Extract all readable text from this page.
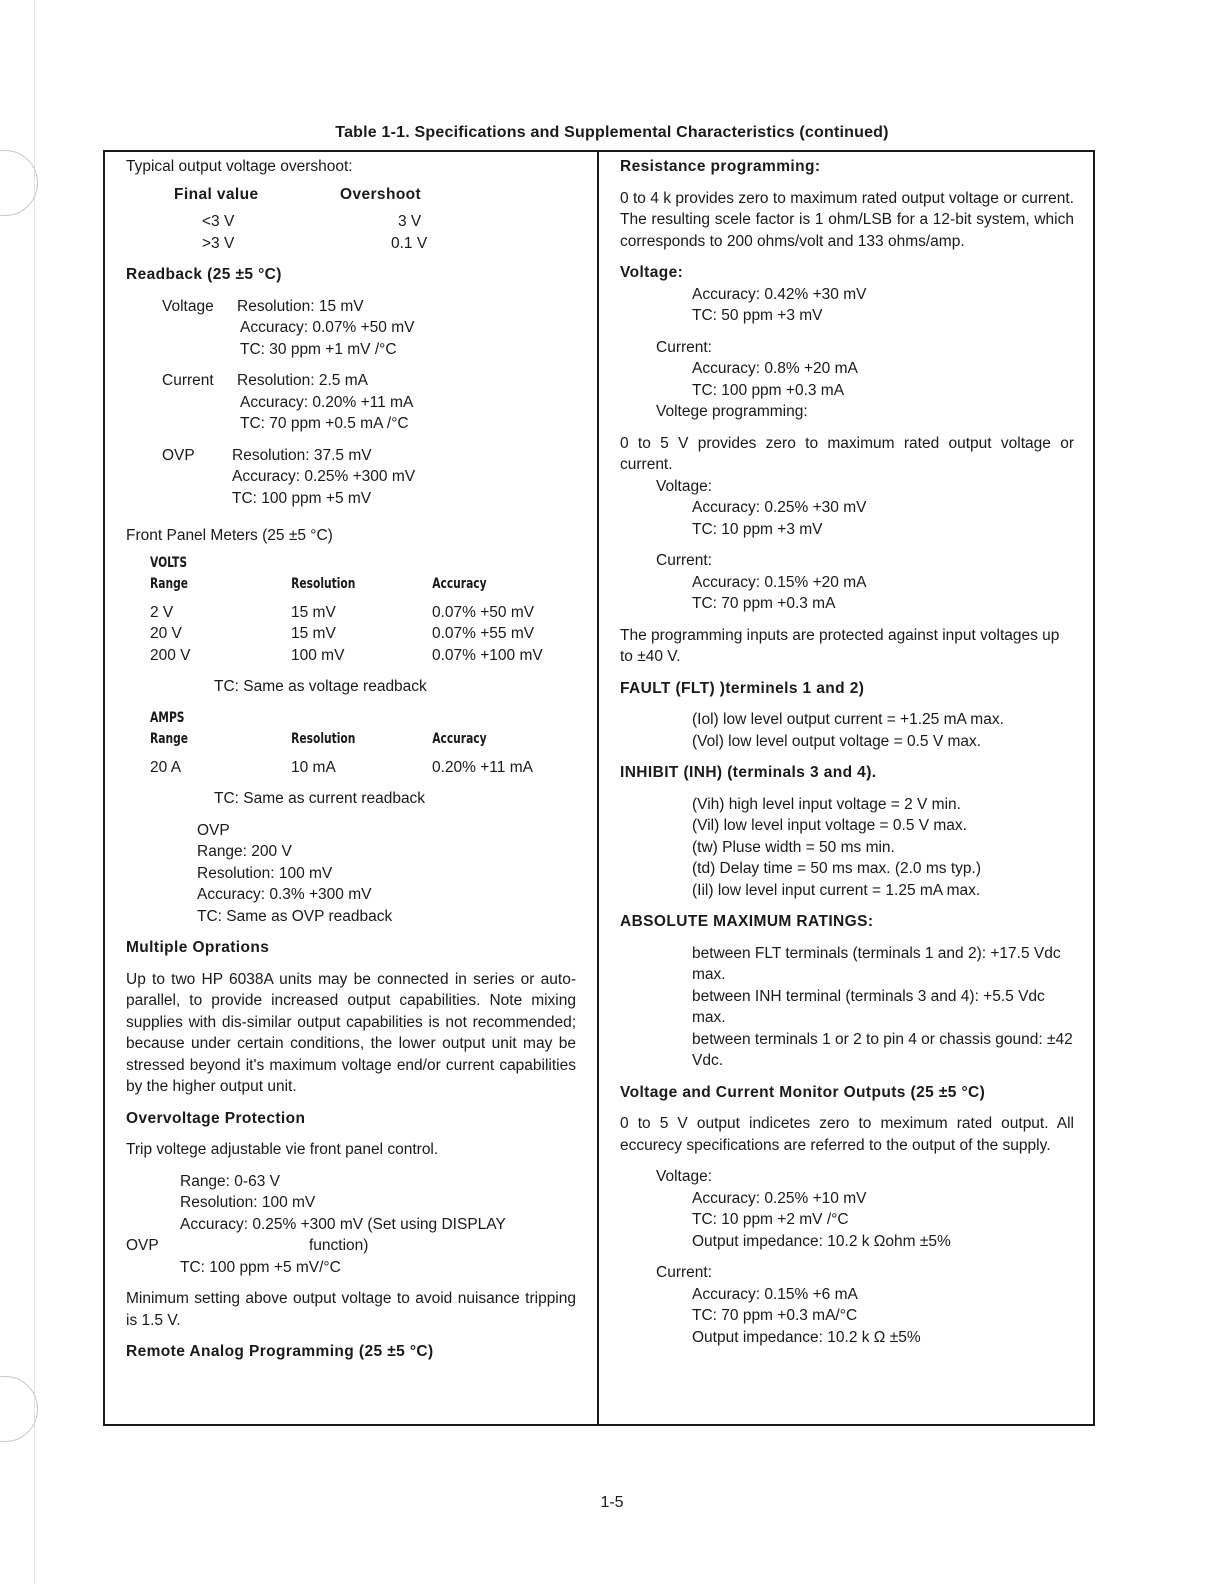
Table 1-1. Specifications and Supplemental Characteristics (continued)
Typical output voltage overshoot:
Final value	Overshoot
<3 V	3 V
>3 V	0.1 V
Readback (25 ±5 °C)
Voltage	Resolution: 15 mV
Accuracy: 0.07% +50 mV
TC: 30 ppm +1 mV /°C
Current	Resolution: 2.5 mA
Accuracy: 0.20% +11 mA
TC: 70 ppm +0.5 mA /°C
OVP	Resolution: 37.5 mV
Accuracy: 0.25% +300 mV
TC: 100 ppm +5 mV
Front Panel Meters (25 ±5 °C)
VOLTS
Range	Resolution	Accuracy
2 V	15 mV	0.07% +50 mV
20 V	15 mV	0.07% +55 mV
200 V	100 mV	0.07% +100 mV
TC: Same as voltage readback
AMPS
Range	Resolution	Accuracy
20 A	10 mA	0.20% +11 mA
TC: Same as current readback
OVP
Range: 200 V
Resolution: 100 mV
Accuracy: 0.3% +300 mV
TC: Same as OVP readback
Multiple Oprations
Up to two HP 6038A units may be connected in series or auto-parallel, to provide increased output capabilities. Note mixing supplies with dis-similar output capabilities is not recommended; because under certain conditions, the lower output unit may be stressed beyond it's maximum voltage end/or current capabilities by the higher output unit.
Overvoltage Protection
Trip voltege adjustable vie front panel control.
Range: 0-63 V
Resolution: 100 mV
Accuracy: 0.25% +300 mV (Set using DISPLAY
OVP	function)
TC: 100 ppm +5 mV/°C
Minimum setting above output voltage to avoid nuisance tripping is 1.5 V.
Remote Analog Programming (25 ±5 °C)
Resistance programming:
0 to 4 k provides zero to maximum rated output voltage or current. The resulting scele factor is 1 ohm/LSB for a 12-bit system, which corresponds to 200 ohms/volt and 133 ohms/amp.
Voltage:
Accuracy: 0.42% +30 mV
TC: 50 ppm +3 mV
Current:
Accuracy: 0.8% +20 mA
TC: 100 ppm +0.3 mA
Voltege programming:
0 to 5 V provides zero to maximum rated output voltage or current.
Voltage:
Accuracy: 0.25% +30 mV
TC: 10 ppm +3 mV
Current:
Accuracy: 0.15% +20 mA
TC: 70 ppm +0.3 mA
The programming inputs are protected against input voltages up to ±40 V.
FAULT (FLT) )terminels 1 and 2)
(Iol) low level output current = +1.25 mA max.
(Vol) low level output voltage = 0.5 V max.
INHIBIT (INH) (terminals 3 and 4).
(Vih) high level input voltage = 2 V min.
(Vil) low level input voltage = 0.5 V max.
(tw) Pluse width = 50 ms min.
(td) Delay time = 50 ms max. (2.0 ms typ.)
(Iil) low level input current = 1.25 mA max.
ABSOLUTE MAXIMUM RATINGS:
between FLT terminals (terminals 1 and 2): +17.5 Vdc max.
between INH terminal (terminals 3 and 4): +5.5 Vdc max.
between terminals 1 or 2 to pin 4 or chassis gound: ±42 Vdc.
Voltage and Current Monitor Outputs (25 ±5 °C)
0 to 5 V output indicetes zero to meximum rated output. All eccurecy specifications are referred to the output of the supply.
Voltage:
Accuracy: 0.25% +10 mV
TC: 10 ppm +2 mV /°C
Output impedance: 10.2 k Ωohm ±5%
Current:
Accuracy: 0.15% +6 mA
TC: 70 ppm +0.3 mA/°C
Output impedance: 10.2 k Ω ±5%
1-5
